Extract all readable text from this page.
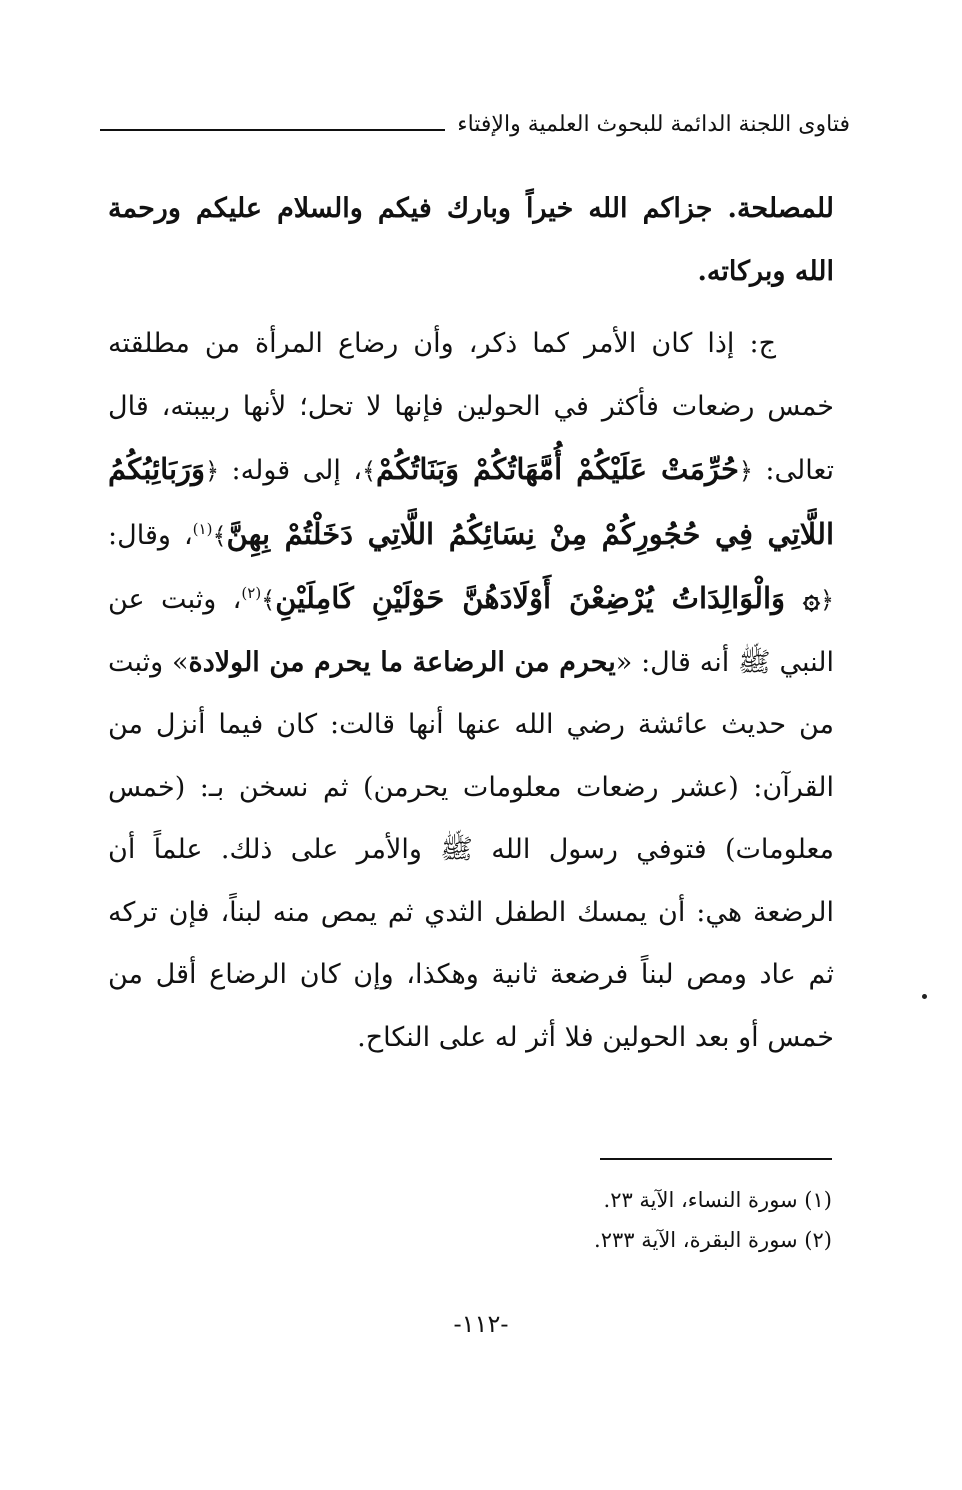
فتاوى اللجنة الدائمة للبحوث العلمية والإفتاء

للمصلحة. جزاكم الله خيراً وبارك فيكم والسلام عليكم ورحمة الله وبركاته.

ج: إذا كان الأمر كما ذكر، وأن رضاع المرأة من مطلقته خمس رضعات فأكثر في الحولين فإنها لا تحل؛ لأنها ربيبته، قال تعالى: ﴿حُرِّمَتْ عَلَيْكُمْ أُمَّهَاتُكُمْ وَبَنَاتُكُمْ﴾، إلى قوله: ﴿وَرَبَائِبُكُمُ اللَّاتِي فِي حُجُورِكُمْ مِنْ نِسَائِكُمُ اللَّاتِي دَخَلْتُمْ بِهِنَّ﴾$^{(١)}$، وقال: ﴿۞ وَالْوَالِدَاتُ يُرْضِعْنَ أَوْلَادَهُنَّ حَوْلَيْنِ كَامِلَيْنِ﴾$^{(٢)}$، وثبت عن النبي ﷺ أنه قال: «يحرم من الرضاعة ما يحرم من الولادة» وثبت من حديث عائشة رضي الله عنها أنها قالت: كان فيما أنزل من القرآن: (عشر رضعات معلومات يحرمن) ثم نسخن بـ: (خمس معلومات) فتوفي رسول الله ﷺ والأمر على ذلك. علماً أن الرضعة هي: أن يمسك الطفل الثدي ثم يمص منه لبناً، فإن تركه ثم عاد ومص لبناً فرضعة ثانية وهكذا، وإن كان الرضاع أقل من خمس أو بعد الحولين فلا أثر له على النكاح.

(١) سورة النساء، الآية ٢٣.
(٢) سورة البقرة، الآية ٢٣٣.
-١١٢-
